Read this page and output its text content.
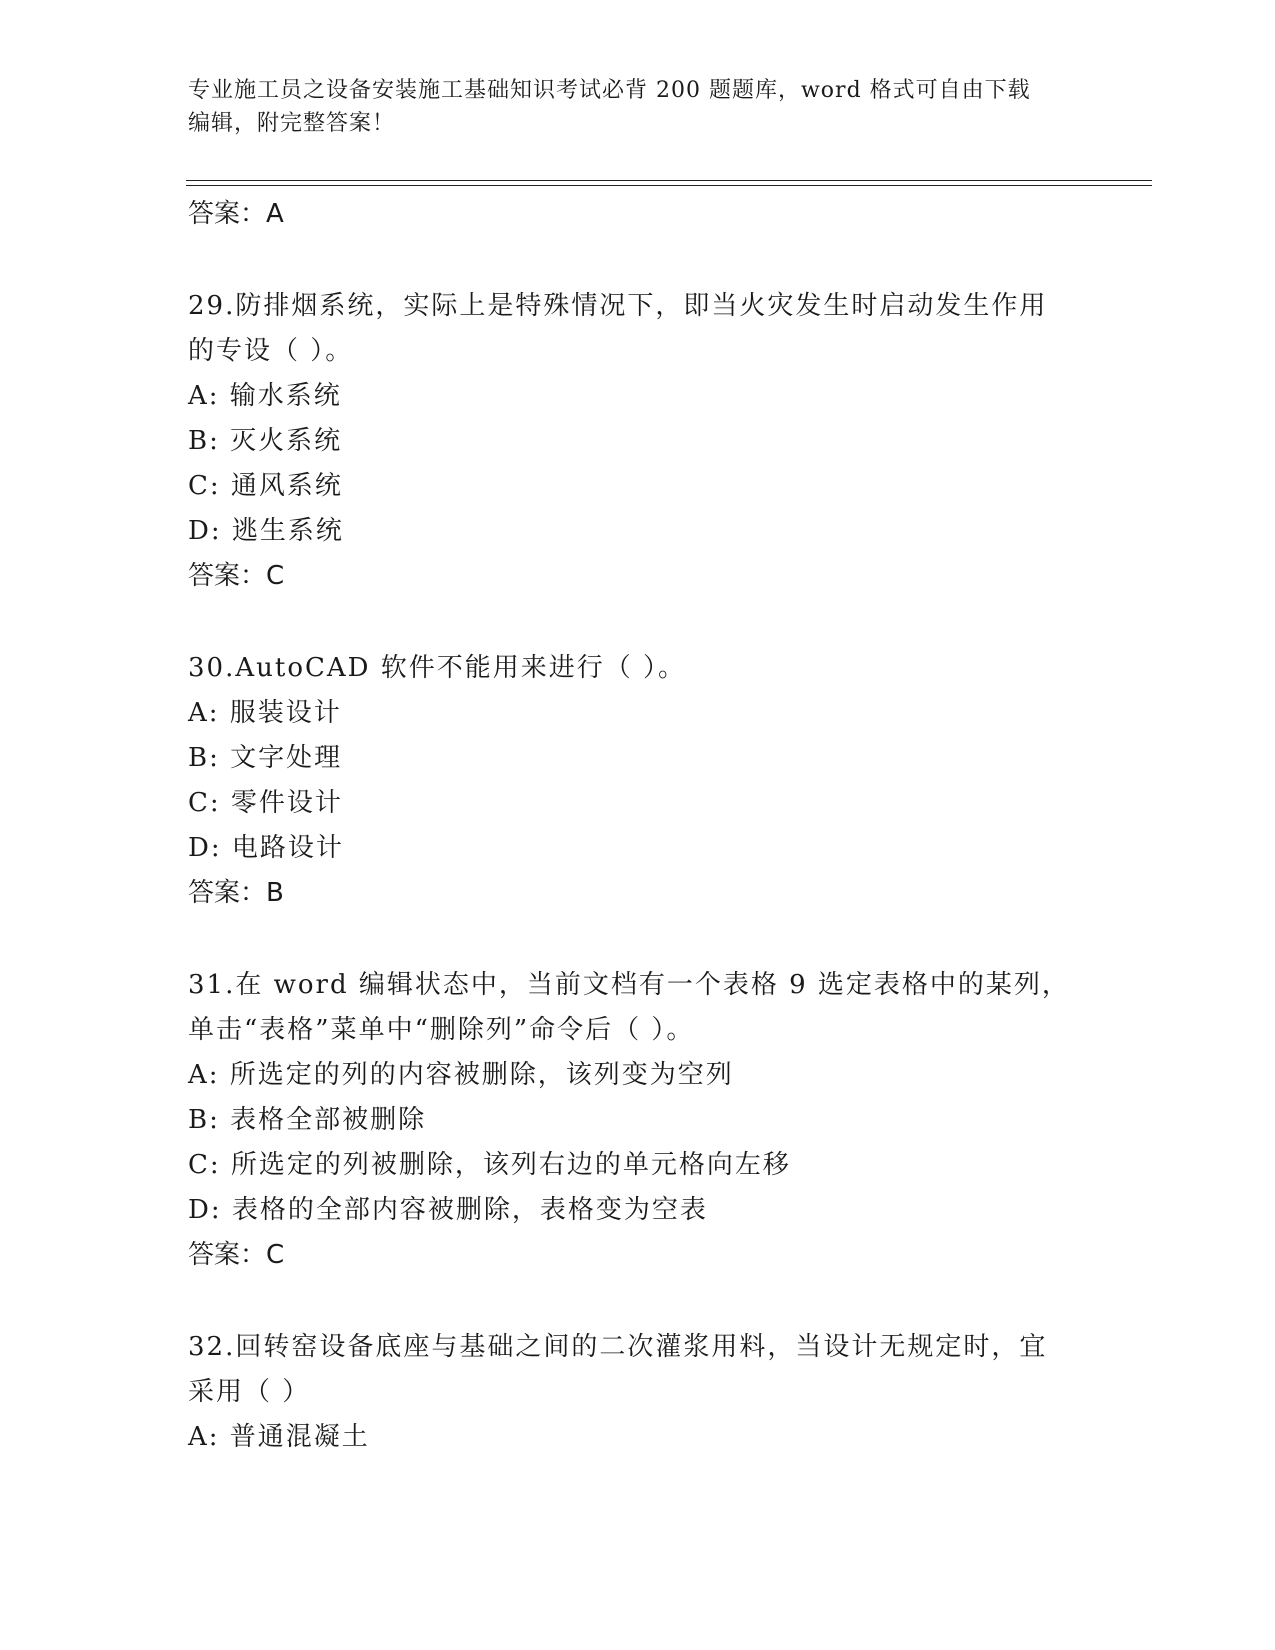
专业施工员之设备安装施工基础知识考试必背 200 题题库，word 格式可自由下载
编辑，附完整答案！
答案：A
29.防排烟系统，实际上是特殊情况下，即当火灾发生时启动发生作用
的专设（ ）。
A: 输水系统
B: 灭火系统
C: 通风系统
D: 逃生系统
答案：C
30.AutoCAD 软件不能用来进行（ ）。
A: 服装设计
B: 文字处理
C: 零件设计
D: 电路设计
答案：B
31.在 word 编辑状态中，当前文档有一个表格 9 选定表格中的某列，
单击“表格”菜单中“删除列”命令后（ ）。
A: 所选定的列的内容被删除，该列变为空列
B: 表格全部被删除
C: 所选定的列被删除，该列右边的单元格向左移
D: 表格的全部内容被删除，表格变为空表
答案：C
32.回转窑设备底座与基础之间的二次灌浆用料，当设计无规定时，宜
采用（ ）
A: 普通混凝土
